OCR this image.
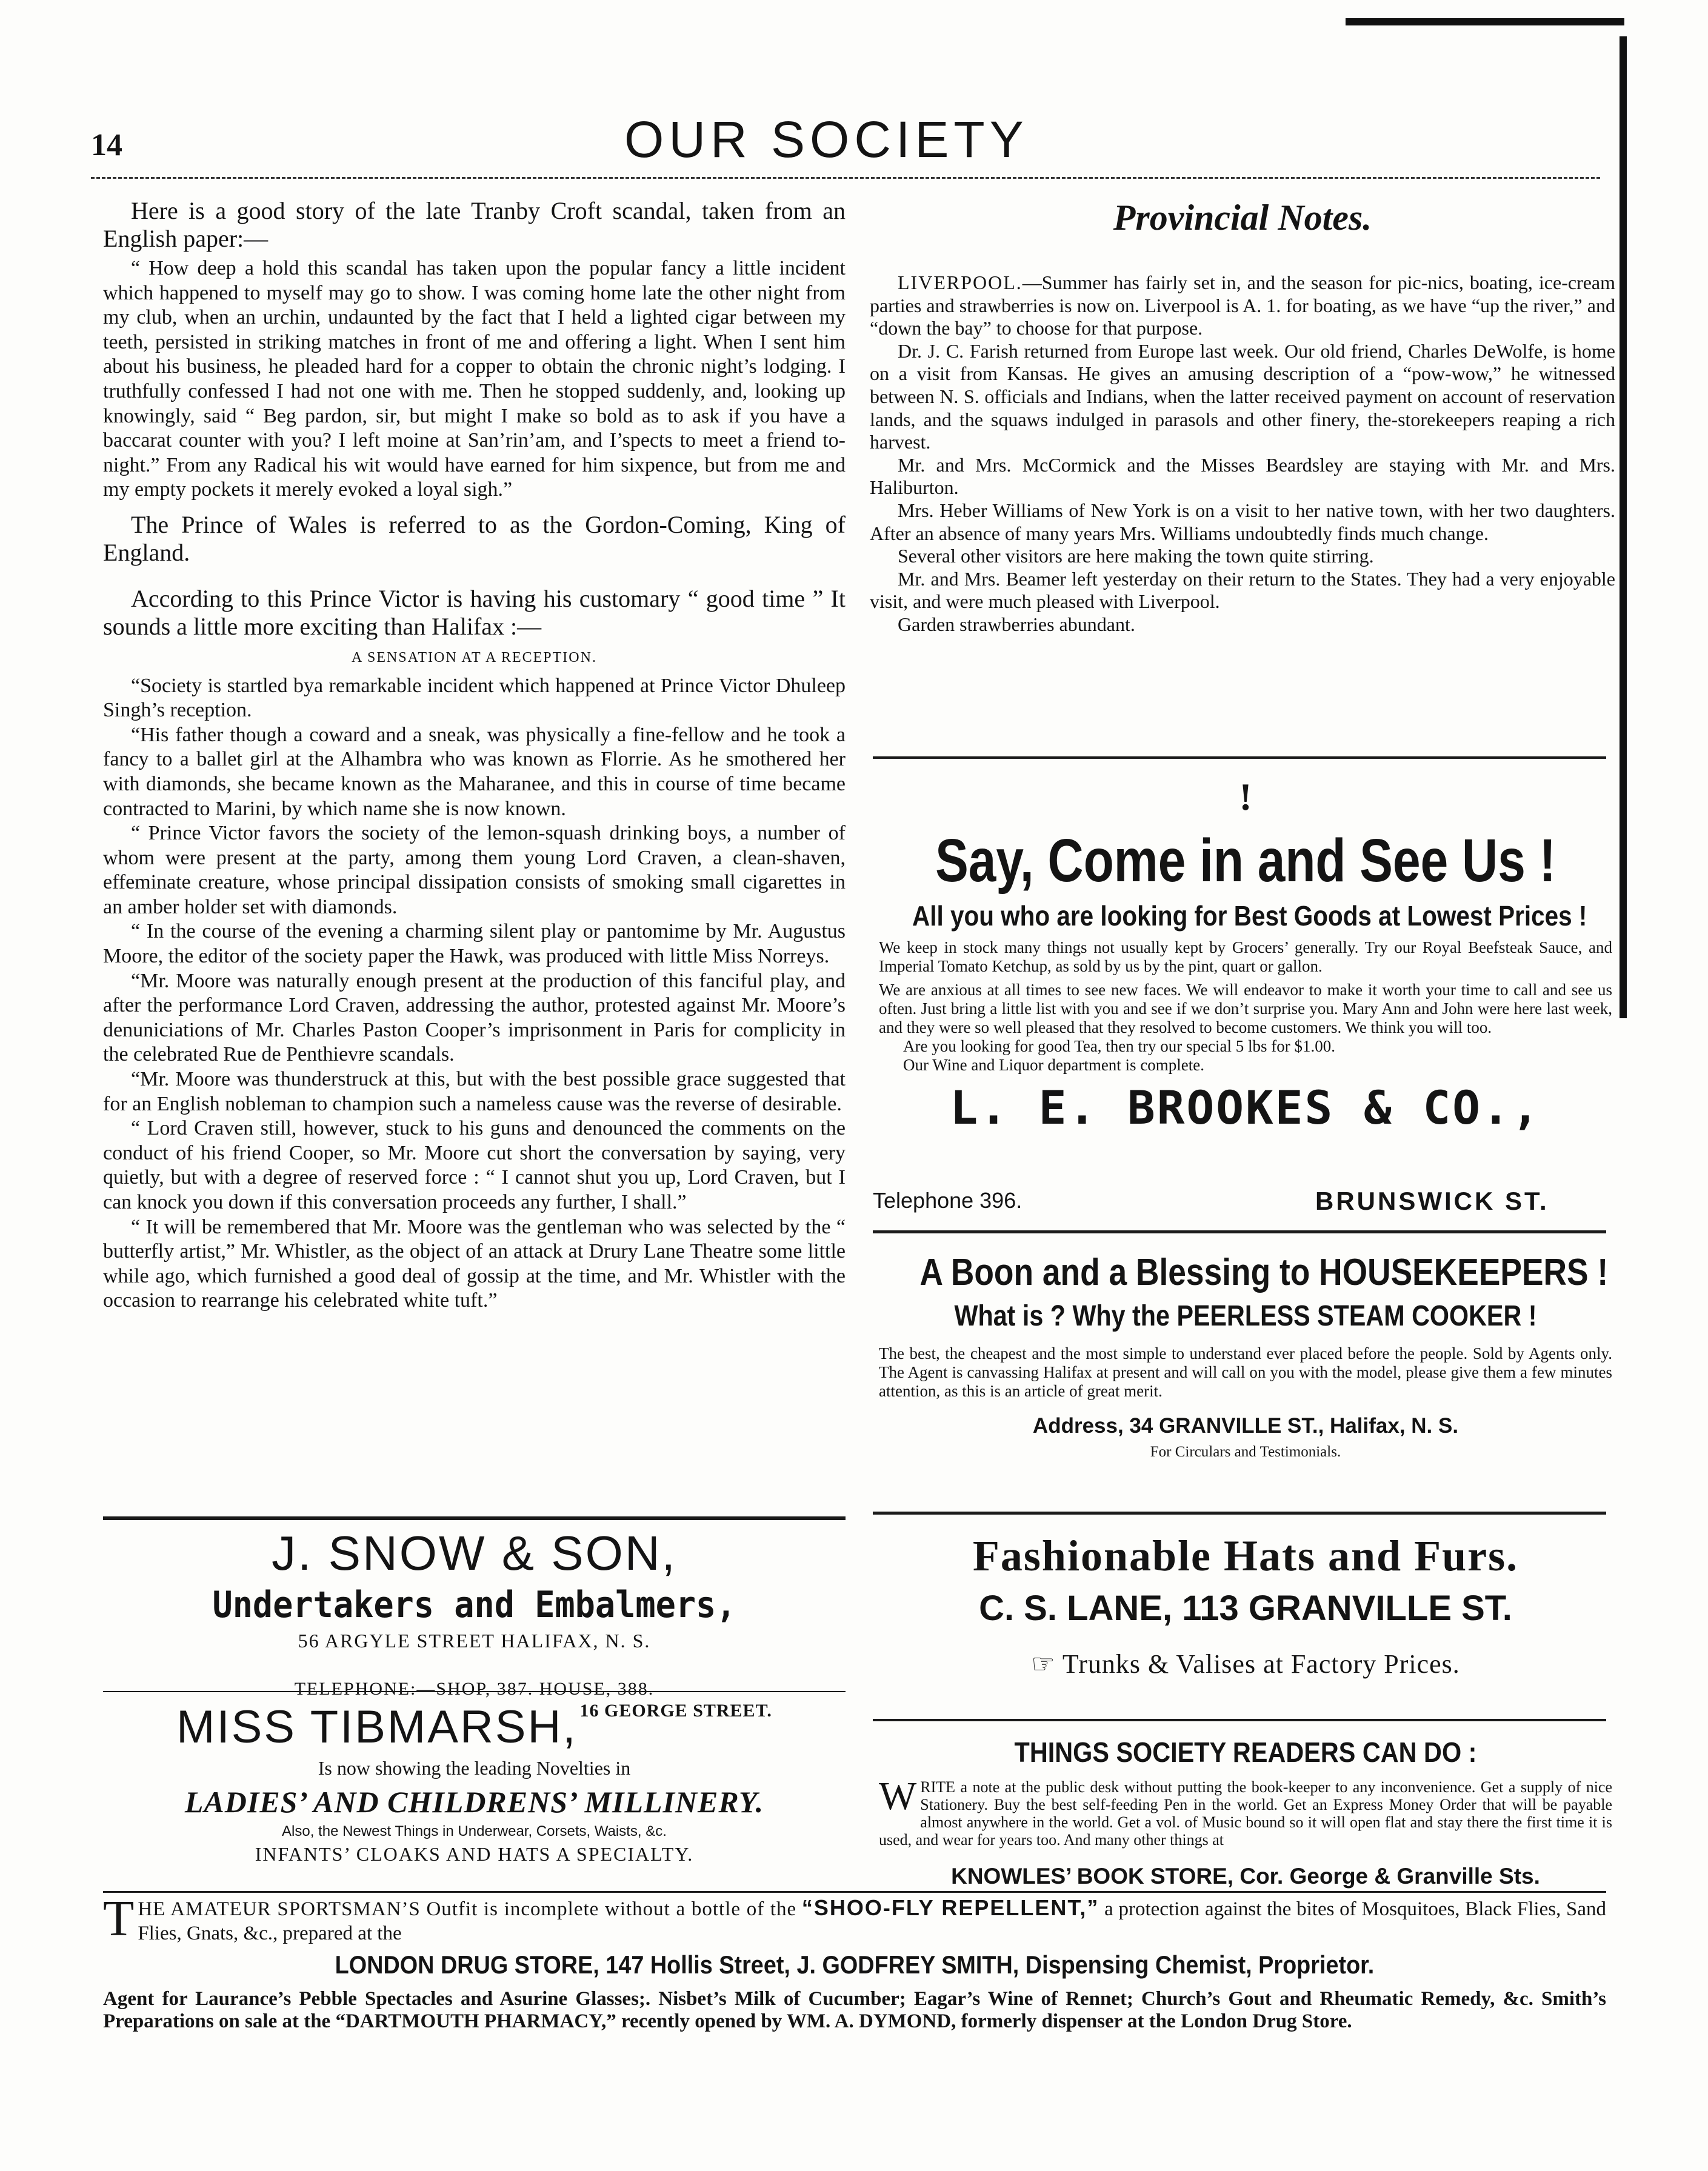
14	OUR SOCIETY

Here is a good story of the late Tranby Croft scandal, taken from an English paper:—

“ How deep a hold this scandal has taken upon the popular fancy a little incident which happened to myself may go to show. I was coming home late the other night from my club, when an urchin, undaunted by the fact that I held a lighted cigar between my teeth, persisted in striking matches in front of me and offering a light. When I sent him about his business, he pleaded hard for a copper to obtain the chronic night’s lodging. I truthfully confessed I had not one with me. Then he stopped suddenly, and, looking up knowingly, said “ Beg pardon, sir, but might I make so bold as to ask if you have a baccarat counter with you? I left moine at San’rin’am, and I’spects to meet a friend to-night.” From any Radical his wit would have earned for him sixpence, but from me and my empty pockets it merely evoked a loyal sigh.”

The Prince of Wales is referred to as the Gordon-Coming, King of England.

According to this Prince Victor is having his customary “ good time ” It sounds a little more exciting than Halifax :—

A SENSATION AT A RECEPTION.

“Society is startled bya remarkable incident which happened at Prince Victor Dhuleep Singh’s reception.

“His father though a coward and a sneak, was physically a fine-fellow and he took a fancy to a ballet girl at the Alhambra who was known as Florrie. As he smothered her with diamonds, she became known as the Maharanee, and this in course of time became contracted to Marini, by which name she is now known.

“ Prince Victor favors the society of the lemon-squash drinking boys, a number of whom were present at the party, among them young Lord Craven, a clean-shaven, effeminate creature, whose principal dissipation consists of smoking small cigarettes in an amber holder set with diamonds.

“ In the course of the evening a charming silent play or pantomime by Mr. Augustus Moore, the editor of the society paper the Hawk, was produced with little Miss Norreys.

“Mr. Moore was naturally enough present at the production of this fanciful play, and after the performance Lord Craven, addressing the author, protested against Mr. Moore’s denuniciations of Mr. Charles Paston Cooper’s imprisonment in Paris for complicity in the celebrated Rue de Penthievre scandals.

“Mr. Moore was thunderstruck at this, but with the best possible grace suggested that for an English nobleman to champion such a nameless cause was the reverse of desirable.

“ Lord Craven still, however, stuck to his guns and denounced the comments on the conduct of his friend Cooper, so Mr. Moore cut short the conversation by saying, very quietly, but with a degree of reserved force : “ I cannot shut you up, Lord Craven, but I can knock you down if this conversation proceeds any further, I shall.”

“ It will be remembered that Mr. Moore was the gentleman who was selected by the “ butterfly artist,” Mr. Whistler, as the object of an attack at Drury Lane Theatre some little while ago, which furnished a good deal of gossip at the time, and Mr. Whistler with the occasion to rearrange his celebrated white tuft.”

Provincial Notes.

LIVERPOOL.—Summer has fairly set in, and the season for pic-nics, boating, ice-cream parties and strawberries is now on. Liverpool is A. 1. for boating, as we have “up the river,” and “down the bay” to choose for that purpose.

Dr. J. C. Farish returned from Europe last week. Our old friend, Charles DeWolfe, is home on a visit from Kansas. He gives an amusing description of a “pow-wow,” he witnessed between N. S. officials and Indians, when the latter received payment on account of reservation lands, and the squaws indulged in parasols and other finery, the-storekeepers reaping a rich harvest.

Mr. and Mrs. McCormick and the Misses Beardsley are staying with Mr. and Mrs. Haliburton.

Mrs. Heber Williams of New York is on a visit to her native town, with her two daughters. After an absence of many years Mrs. Williams undoubtedly finds much change.

Several other visitors are here making the town quite stirring.

Mr. and Mrs. Beamer left yesterday on their return to the States. They had a very enjoyable visit, and were much pleased with Liverpool.

Garden strawberries abundant.

!
Say, Come in and See Us !
All you who are looking for Best Goods at Lowest Prices !
We keep in stock many things not usually kept by Grocers’ generally. Try our Royal Beefsteak Sauce, and Imperial Tomato Ketchup, as sold by us by the pint, quart or gallon.
We are anxious at all times to see new faces. We will endeavor to make it worth your time to call and see us often. Just bring a little list with you and see if we don’t surprise you. Mary Ann and John were here last week, and they were so well pleased that they resolved to become customers. We think you will too.
Are you looking for good Tea, then try our special 5 lbs for $1.00.
Our Wine and Liquor department is complete.
L. E. BROOKES & CO.,
Telephone 396.	BRUNSWICK ST.
A Boon and a Blessing to HOUSEKEEPERS !
What is ? Why the PEERLESS STEAM COOKER !
The best, the cheapest and the most simple to understand ever placed before the people. Sold by Agents only. The Agent is canvassing Halifax at present and will call on you with the model, please give them a few minutes attention, as this is an article of great merit.
Address, 34 GRANVILLE ST., Halifax, N. S.
For Circulars and Testimonials.
Fashionable Hats and Furs.
C. S. LANE, 113 GRANVILLE ST.
☞ Trunks & Valises at Factory Prices.
THINGS SOCIETY READERS CAN DO :
WRITE a note at the public desk without putting the book-keeper to any inconvenience. Get a supply of nice Stationery. Buy the best self-feeding Pen in the world. Get an Express Money Order that will be payable almost anywhere in the world. Get a vol. of Music bound so it will open flat and stay there the first time it is used, and wear for years too. And many other things at
KNOWLES’ BOOK STORE, Cor. George & Granville Sts.
J. SNOW & SON,
Undertakers and Embalmers,
56 ARGYLE STREET HALIFAX, N. S.
TELEPHONE:—SHOP, 387. HOUSE, 388.
MISS TIBMARSH, 16 GEORGE STREET.
Is now showing the leading Novelties in
LADIES’ AND CHILDRENS’ MILLINERY.
Also, the Newest Things in Underwear, Corsets, Waists, &c.
INFANTS’ CLOAKS AND HATS A SPECIALTY.
T HE AMATEUR SPORTSMAN’S Outfit is incomplete without a bottle of the “SHOO-FLY REPELLENT,” a protection against the bites of Mosquitoes, Black Flies, Sand Flies, Gnats, &c., prepared at the
LONDON DRUG STORE, 147 Hollis Street, J. GODFREY SMITH, Dispensing Chemist, Proprietor.
Agent for Laurance’s Pebble Spectacles and Asurine Glasses;. Nisbet’s Milk of Cucumber; Eagar’s Wine of Rennet; Church’s Gout and Rheumatic Remedy, &c. Smith’s Preparations on sale at the “DARTMOUTH PHARMACY,” recently opened by WM. A. DYMOND, formerly dispenser at the London Drug Store.
